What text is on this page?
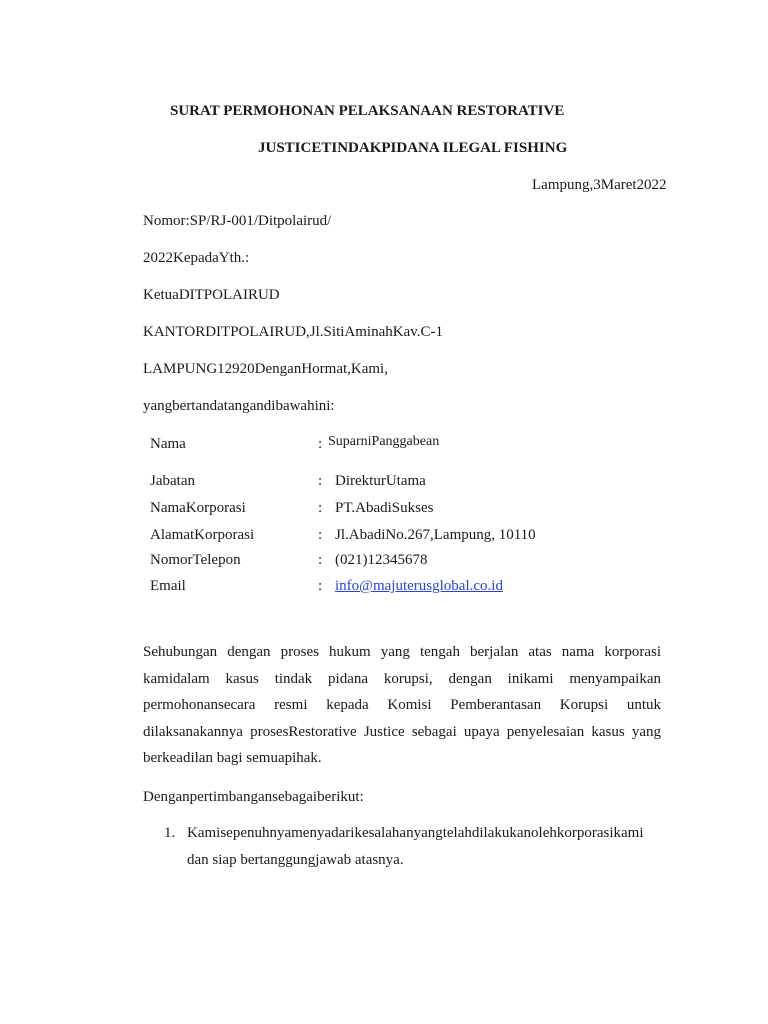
SURAT PERMOHONAN PELAKSANAAN RESTORATIVE
JUSTICETINDAKPIDANA ILEGAL FISHING
Lampung,3Maret2022
Nomor:SP/RJ-001/Ditpolairud/
2022KepadaYth.:
KetuaDITPOLAIRUD
KANTORDITPOLAIRUD,Jl.SitiAminahKav.C-1
LAMPUNG12920DenganHormat,Kami,
yangbertandatangandibawahini:
Nama	: SuparniPanggabean
Jabatan	: DirekturUtama
NamaKorporasi	: PT.AbadiSukses
AlamatKorporasi	: Jl.AbadiNo.267,Lampung, 10110
NomorTelepon	: (021)12345678
Email	: info@majuterusglobal.co.id
Sehubungan dengan proses hukum yang tengah berjalan atas nama korporasi
kamidalam kasus tindak pidana korupsi, dengan inikami menyampaikan
permohonansecara resmi kepada Komisi Pemberantasan Korupsi untuk
dilaksanakannya prosesRestorative Justice sebagai upaya penyelesaian kasus yang
berkeadilan bagi semuapihak.
Denganpertimbangansebagaiberikut:
1. Kamisepenuhnyamenyadarikesalahanyangtelahdilakukanolehkorporasikami
dan siap bertanggungjawab atasnya.
